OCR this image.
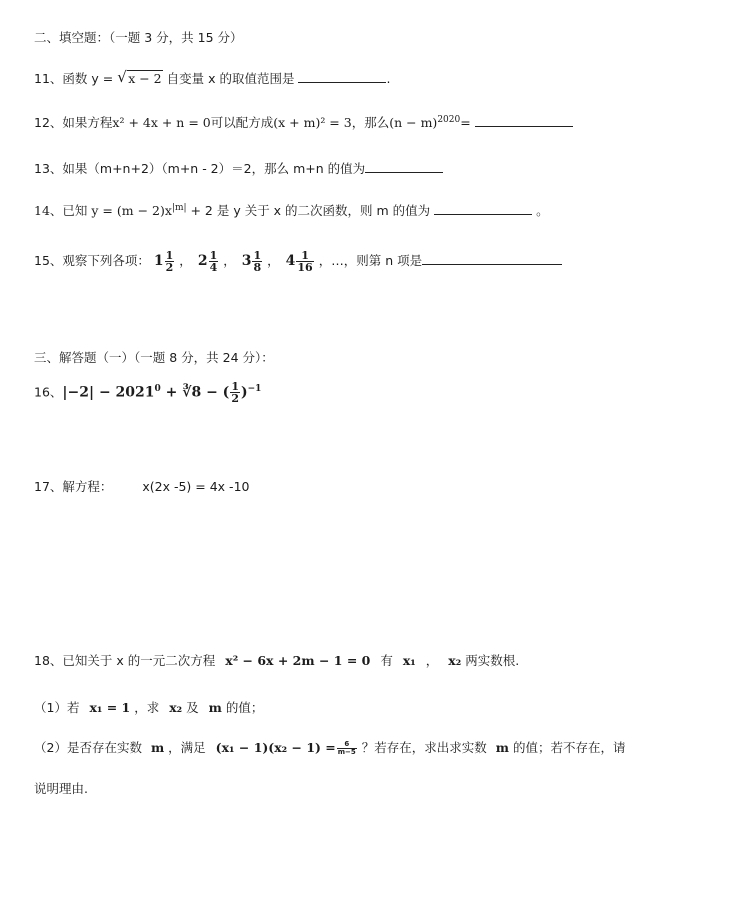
二、填空题：（一题 3 分，共 15 分）
11、函数 y = √ x − 2 自变量 x 的取值范围是	.
12、如果方程x² + 4x + n = 0可以配方成(x + m)² = 3，那么$(n - m)^{2020}=$
13、如果（m+n+2）（m+n - 2）＝2，那么 m+n 的值为
14、已知 $y = (m - 2)x^{|m|} + 2$ 是 y 关于 x 的二次函数，则 m 的值为	。
15、观察下列各项： $1 \frac{1}{2}$ ， $2 \frac{1}{4}$ ， $3 \frac{1}{8}$ ， $4 \frac{1}{16}$ ，…，则第 n 项是
三、解答题（一）（一题 8 分，共 24 分）：
16、$|-2| - 2021^0$ + ∛8 − ( $\frac{1}{2} )^{-1}$
17、解方程： x(2x -5) = 4x -10
18、已知关于 x 的一元二次方程 x² − 6x + 2m − 1 = 0 有 x₁ ， x₂ 两实数根.
（1）若 x₁ = 1 ，求 x₂ 及 m 的值；
（2）是否存在实数 m ，满足 $(x_1 - 1)(x_2 - 1) = \frac{6}{m-5}$ ？若存在，求出求实数 m 的值；若不存在，请
说明理由.
